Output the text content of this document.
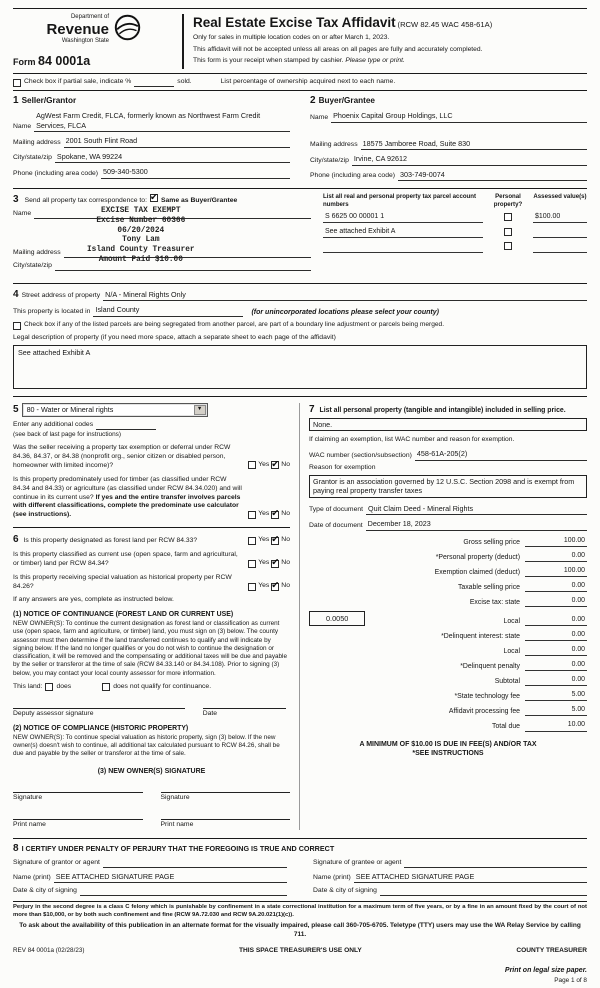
Department of
Revenue
Washington State
Form 84 0001a
Real Estate Excise Tax Affidavit (RCW 82.45 WAC 458-61A)
Only for sales in multiple location codes on or after March 1, 2023.
This affidavit will not be accepted unless all areas on all pages are fully and accurately completed.
This form is your receipt when stamped by cashier. Please type or print.
Check box if partial sale, indicate %	sold.	List percentage of ownership acquired next to each name.
1 Seller/Grantor
Name
AgWest Farm Credit, FLCA, formerly known as Northwest Farm Credit Services, FLCA
Mailing address 2001 South Flint Road
City/state/zip Spokane, WA 99224
Phone (including area code) 509-340-5300
2 Buyer/Grantee
Name Phoenix Capital Group Holdings, LLC
Mailing address 18575 Jamboree Road, Suite 830
City/state/zip Irvine, CA 92612
Phone (including area code) 303-749-0074
3 Send all property tax correspondence to: ✔ Same as Buyer/Grantee
Name
Mailing address
City/state/zip
EXCISE TAX EXEMPT
Excise Number 60366
06/20/2024
Tony Lam
Island County Treasurer
Amount Paid $10.00
List all real and personal property tax parcel account numbers
Personal property?
Assessed value(s)
S 6625 00 00001 1	$100.00
See attached Exhibit A
4 Street address of property N/A - Mineral Rights Only
This property is located in Island County	(for unincorporated locations please select your county)
Check box if any of the listed parcels are being segregated from another parcel, are part of a boundary line adjustment or parcels being merged.
Legal description of property (if you need more space, attach a separate sheet to each page of the affidavit)
See attached Exhibit A
5 80 - Water or Mineral rights	▼
Enter any additional codes
(see back of last page for instructions)
Was the seller receiving a property tax exemption or deferral under RCW 84.36, 84.37, or 84.38 (nonprofit org., senior citizen or disabled person, homeowner with limited income)?	Yes ✔ No
Is this property predominately used for timber (as classified under RCW 84.34 and 84.33) or agriculture (as classified under RCW 84.34.020) and will continue in its current use? If yes and the entire transfer involves parcels with different classifications, complete the predominate use calculator (see instructions).	Yes ✔ No
6 Is this property designated as forest land per RCW 84.33?	Yes ✔ No
Is this property classified as current use (open space, farm and agricultural, or timber) land per RCW 84.34?	Yes ✔ No
Is this property receiving special valuation as historical property per RCW 84.26?	Yes ✔ No
If any answers are yes, complete as instructed below.
(1) NOTICE OF CONTINUANCE (FOREST LAND OR CURRENT USE)
NEW OWNER(S): To continue the current designation as forest land or classification as current use (open space, farm and agriculture, or timber) land, you must sign on (3) below. The county assessor must then determine if the land transferred continues to qualify and will indicate by signing below. If the land no longer qualifies or you do not wish to continue the designation or classification, it will be removed and the compensating or additional taxes will be due and payable by the seller or transferor at the time of sale (RCW 84.33.140 or 84.34.108). Prior to signing (3) below, you may contact your local county assessor for more information.
This land: does	does not qualify for continuance.
Deputy assessor signature	Date
(2) NOTICE OF COMPLIANCE (HISTORIC PROPERTY)
NEW OWNER(S): To continue special valuation as historic property, sign (3) below. If the new owner(s) doesn't wish to continue, all additional tax calculated pursuant to RCW 84.26, shall be due and payable by the seller or transferor at the time of sale.
(3) NEW OWNER(S) SIGNATURE
Signature	Signature
Print name	Print name
7 List all personal property (tangible and intangible) included in selling price.
None.
If claiming an exemption, list WAC number and reason for exemption.
WAC number (section/subsection) 458-61A-205(2)
Reason for exemption
Grantor is an association governed by 12 U.S.C. Section 2098 and is exempt from paying real property transfer taxes
Type of document Quit Claim Deed - Mineral Rights
Date of document December 18, 2023
Gross selling price	100.00
*Personal property (deduct)	0.00
Exemption claimed (deduct)	100.00
Taxable selling price	0.00
Excise tax: state	0.00
0.0050	Local	0.00
*Delinquent interest: state	0.00
Local	0.00
*Delinquent penalty	0.00
Subtotal	0.00
*State technology fee	5.00
Affidavit processing fee	5.00
Total due	10.00
A MINIMUM OF $10.00 IS DUE IN FEE(S) AND/OR TAX
*SEE INSTRUCTIONS
8 I CERTIFY UNDER PENALTY OF PERJURY THAT THE FOREGOING IS TRUE AND CORRECT
Signature of grantor or agent	Signature of grantee or agent
Name (print) SEE ATTACHED SIGNATURE PAGE	Name (print) SEE ATTACHED SIGNATURE PAGE
Date & city of signing	Date & city of signing
Perjury in the second degree is a class C felony which is punishable by confinement in a state correctional institution for a maximum term of five years, or by a fine in an amount fixed by the court of not more than $10,000, or by both such confinement and fine (RCW 9A.72.030 and RCW 9A.20.021(1)(c)).
To ask about the availability of this publication in an alternate format for the visually impaired, please call 360-705-6705. Teletype (TTY) users may use the WA Relay Service by calling 711.
REV 84 0001a (02/28/23)	THIS SPACE TREASURER'S USE ONLY	COUNTY TREASURER
Print on legal size paper.
Page 1 of 8
